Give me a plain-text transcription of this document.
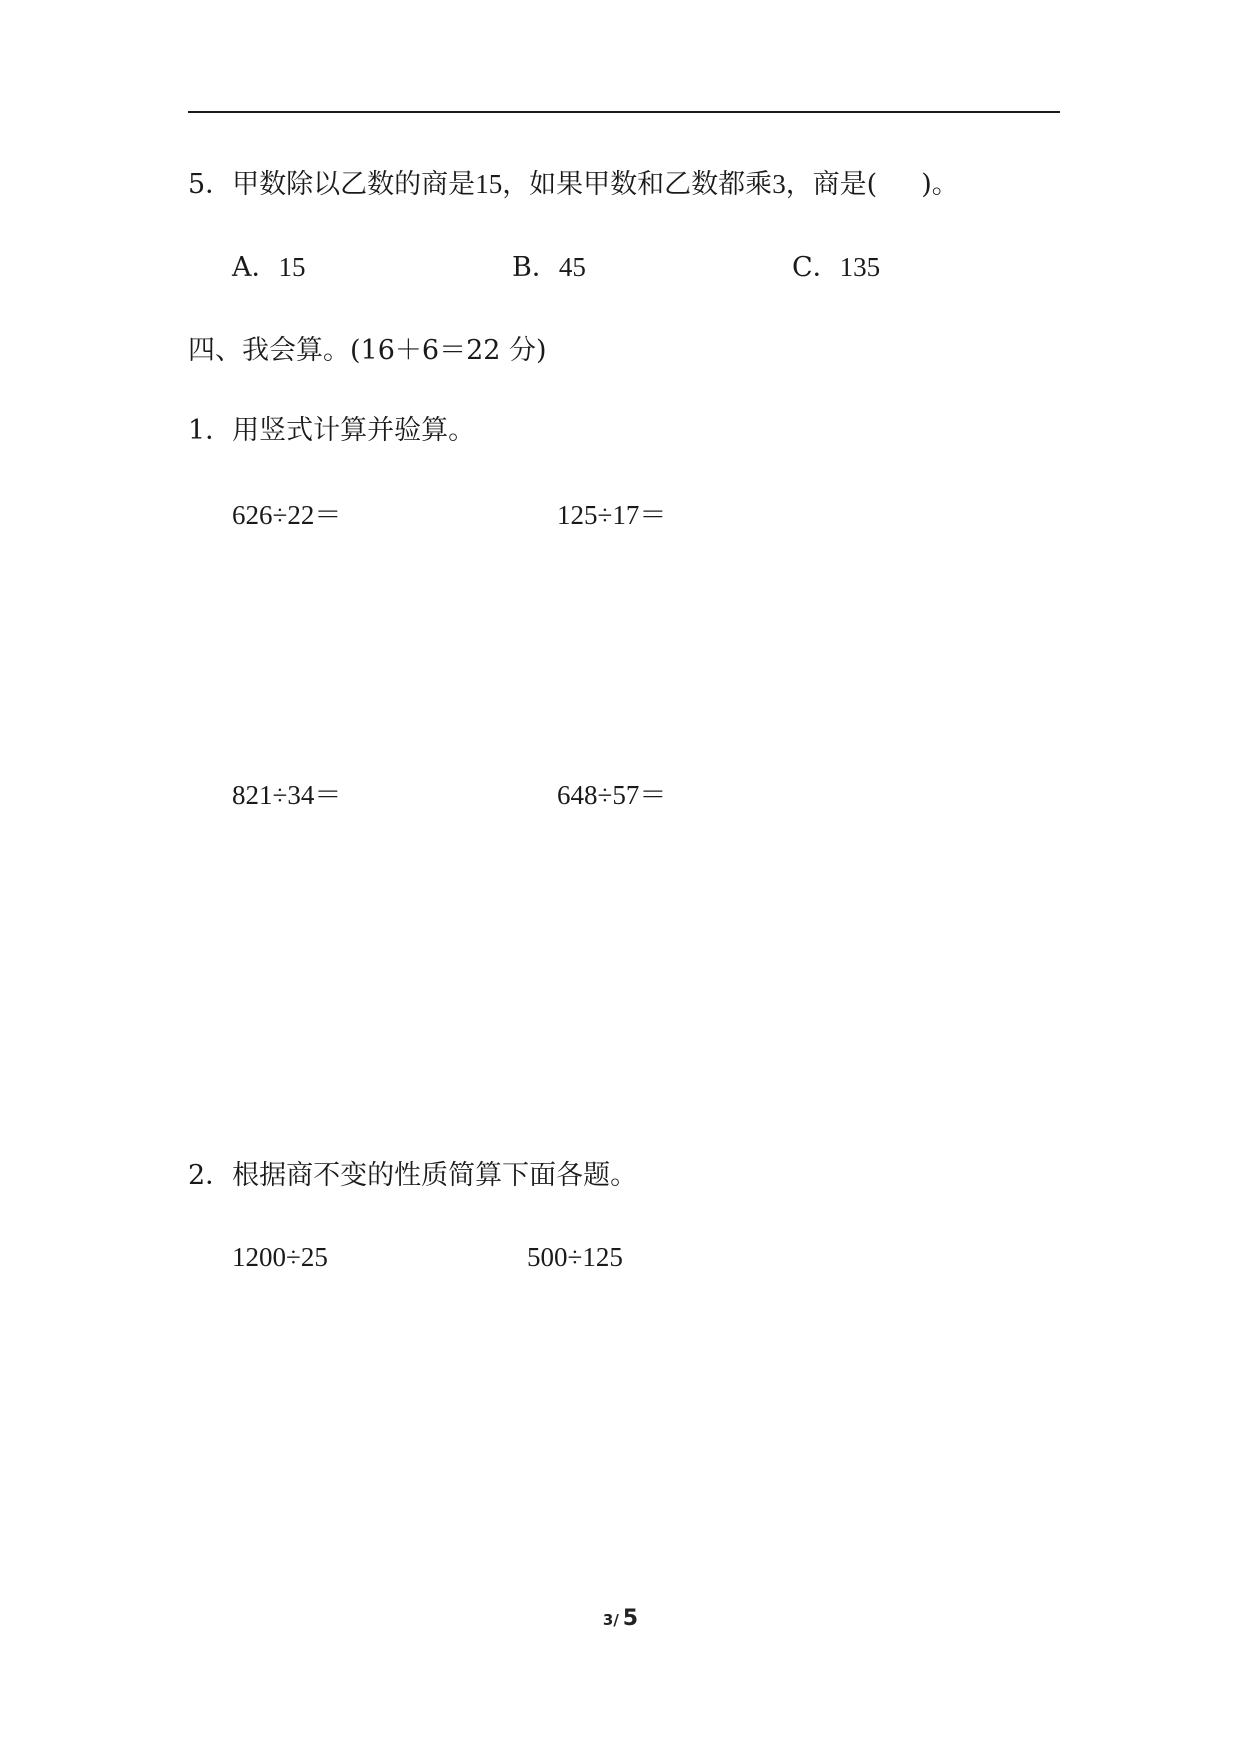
5．甲数除以乙数的商是15，如果甲数和乙数都乘3，商是( )。
A．15	B．45	C．135
四、我会算。(16＋6＝22 分)
1．用竖式计算并验算。
626÷22＝	125÷17＝
821÷34＝	648÷57＝
2．根据商不变的性质简算下面各题。
1200÷25	500÷125
3/ 5
